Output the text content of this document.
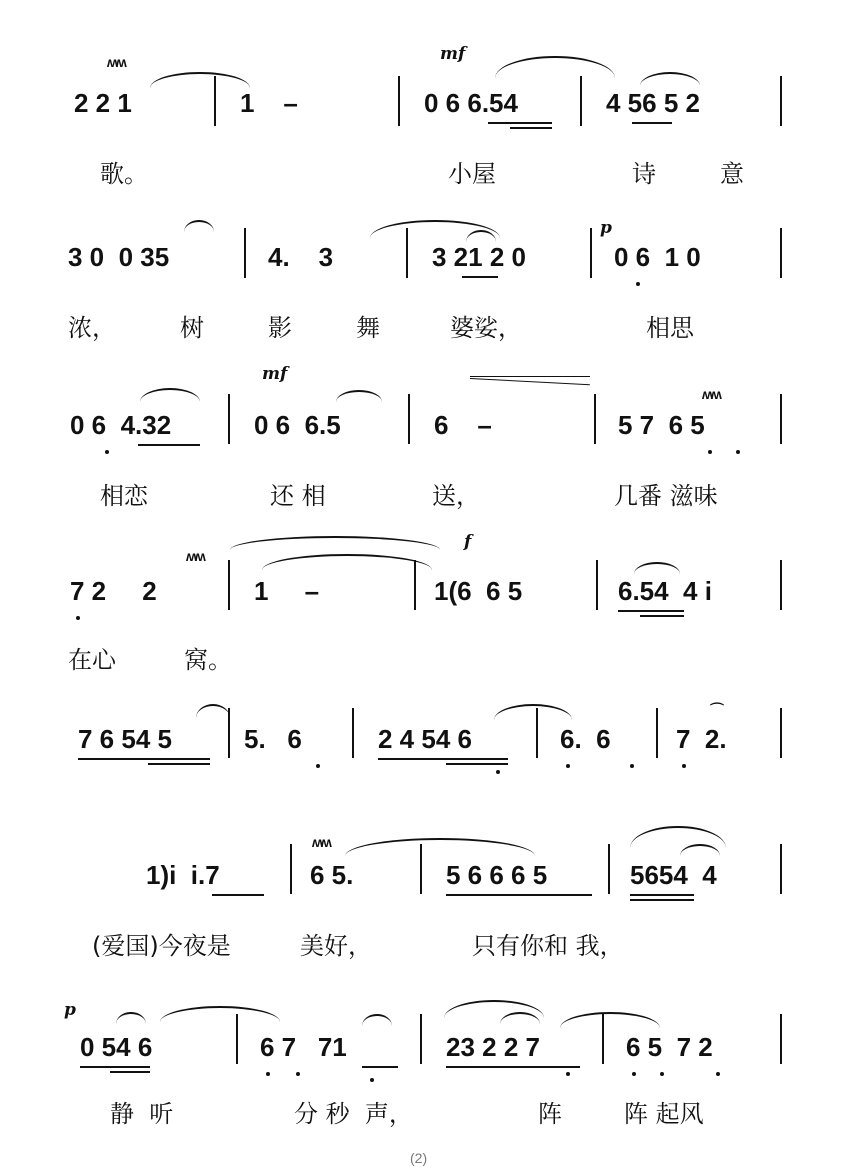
ʍʍ	mf
2 2 1	1    –	0 6 6.54	4 56 5 2
歌。	小屋	诗	意
p
3 0  0 35	4.    3	3 21 2 0	0 6  1 0
浓，	树	影	舞	婆娑，	相思
mf
ʍʍ
0 6  4.32	0 6  6.5	6    –	5 7  6 5
相恋	还 相	送，	几番 滋味
ʍʍ
f
7 2     2	1     –	1(6  6 5	6.54  4 i
在心	窝。
⌒
7 6 54 5	5.   6	2 4 54 6	6.  6	7  2.
ʍʍ
1)i  i.7	6 5.	5 6 6 6 5	5654  4
(爱国)今夜是	美好，	只有你和 我，
p
0 54 6	6 7   71	23 2 2 7	6 5  7 2
静  听	分 秒  声，	阵	阵 起风
(2)
